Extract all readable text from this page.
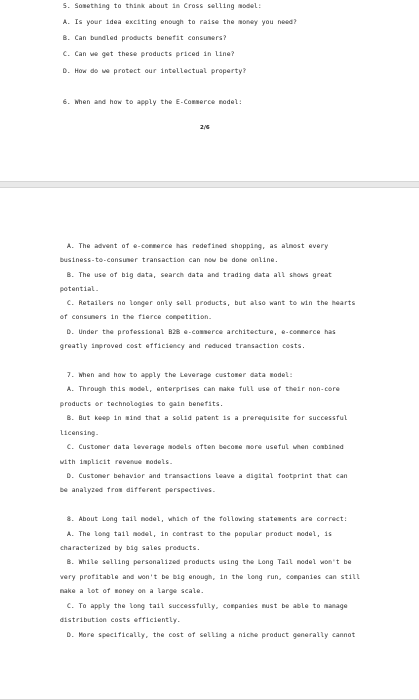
5. Something to think about in Cross selling model:
A. Is your idea exciting enough to raise the money you need?
B. Can bundled products benefit consumers?
C. Can we get these products priced in line?
D. How do we protect our intellectual property?
6. When and how to apply the E-Commerce model:
2/6
A. The advent of e-commerce has redefined shopping, as almost every
business-to-consumer transaction can now be done online.
B. The use of big data, search data and trading data all shows great
potential.
C. Retailers no longer only sell products, but also want to win the hearts
of consumers in the fierce competition.
D. Under the professional B2B e-commerce architecture, e-commerce has
greatly improved cost efficiency and reduced transaction costs.
7. When and how to apply the Leverage customer data model:
A. Through this model, enterprises can make full use of their non-core
products or technologies to gain benefits.
B. But keep in mind that a solid patent is a prerequisite for successful
licensing.
C. Customer data leverage models often become more useful when combined
with implicit revenue models.
D. Customer behavior and transactions leave a digital footprint that can
be analyzed from different perspectives.
8. About Long tail model, which of the following statements are correct:
A. The long tail model, in contrast to the popular product model, is
characterized by big sales products.
B. While selling personalized products using the Long Tail model won't be
very profitable and won't be big enough, in the long run, companies can still
make a lot of money on a large scale.
C. To apply the long tail successfully, companies must be able to manage
distribution costs efficiently.
D. More specifically, the cost of selling a niche product generally cannot
